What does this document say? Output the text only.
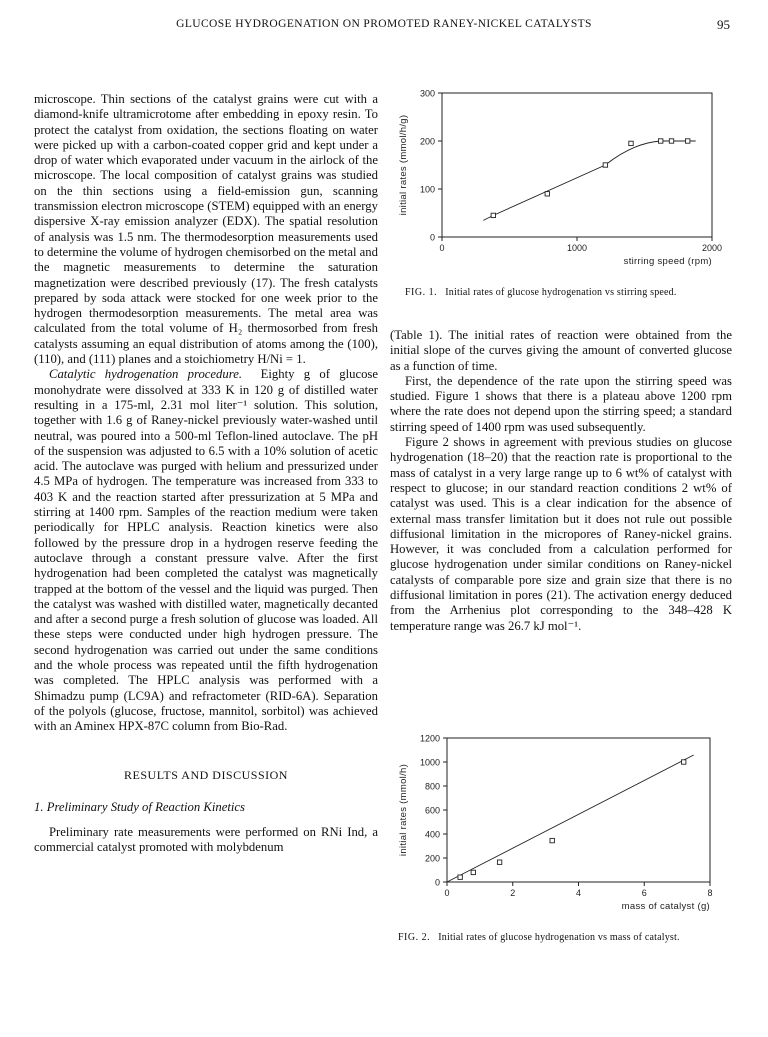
GLUCOSE HYDROGENATION ON PROMOTED RANEY-NICKEL CATALYSTS	95

microscope. Thin sections of the catalyst grains were cut with a diamond-knife ultramicrotome after embedding in epoxy resin. To protect the catalyst from oxidation, the sections floating on water were picked up with a carbon-coated copper grid and kept under a drop of water which evaporated under vacuum in the airlock of the microscope. The local composition of catalyst grains was studied on the thin sections using a field-emission gun, scanning transmission electron microscope (STEM) equipped with an energy dispersive X-ray emission analyzer (EDX). The spatial resolution of analysis was 1.5 nm. The thermodesorption measurements used to determine the volume of hydrogen chemisorbed on the metal and the magnetic measurements to determine the saturation magnetization were described previously (17). The fresh catalysts prepared by soda attack were stocked for one week prior to the hydrogen thermodesorption measurements. The metal area was calculated from the total volume of H₂ thermosorbed from fresh catalysts assuming an equal distribution of atoms among the (100), (110), and (111) planes and a stoichiometry H/Ni = 1.

Catalytic hydrogenation procedure. Eighty g of glucose monohydrate were dissolved at 333 K in 120 g of distilled water resulting in a 175-ml, 2.31 mol liter⁻¹ solution. This solution, together with 1.6 g of Raney-nickel previously water-washed until neutral, was poured into a 500-ml Teflon-lined autoclave. The pH of the suspension was adjusted to 6.5 with a 10% solution of acetic acid. The autoclave was purged with helium and pressurized under 4.5 MPa of hydrogen. The temperature was increased from 333 to 403 K and the reaction started after pressurization at 5 MPa and stirring at 1400 rpm. Samples of the reaction medium were taken periodically for HPLC analysis. Reaction kinetics were also followed by the pressure drop in a hydrogen reserve feeding the autoclave through a constant pressure valve. After the first hydrogenation had been completed the catalyst was magnetically trapped at the bottom of the vessel and the liquid was purged. Then the catalyst was washed with distilled water, magnetically decanted and after a second purge a fresh solution of glucose was loaded. All these steps were conducted under high hydrogen pressure. The second hydrogenation was carried out under the same conditions and the whole process was repeated until the fifth hydrogenation was completed. The HPLC analysis was performed with a Shimadzu pump (LC9A) and refractometer (RID-6A). Separation of the polyols (glucose, fructose, mannitol, sorbitol) was achieved with an Aminex HPX-87C column from Bio-Rad.

RESULTS AND DISCUSSION
1. Preliminary Study of Reaction Kinetics

Preliminary rate measurements were performed on RNi Ind, a commercial catalyst promoted with molybdenum

0
100
200
300
0	1000	2000
stirring speed (rpm)
initial rates (mmol/h/g)
FIG. 1. Initial rates of glucose hydrogenation vs stirring speed.

(Table 1). The initial rates of reaction were obtained from the initial slope of the curves giving the amount of converted glucose as a function of time.

First, the dependence of the rate upon the stirring speed was studied. Figure 1 shows that there is a plateau above 1200 rpm where the rate does not depend upon the stirring speed; a standard stirring speed of 1400 rpm was used subsequently.

Figure 2 shows in agreement with previous studies on glucose hydrogenation (18–20) that the reaction rate is proportional to the mass of catalyst in a very large range up to 6 wt% of catalyst with respect to glucose; in our standard reaction conditions 2 wt% of catalyst was used. This is a clear indication for the absence of external mass transfer limitation but it does not rule out possible diffusional limitation in the micropores of Raney-nickel grains. However, it was concluded from a calculation performed for glucose hydrogenation under similar conditions on Raney-nickel catalysts of comparable pore size and grain size that there is no diffusional limitation in pores (21). The activation energy deduced from the Arrhenius plot corresponding to the 348–428 K temperature range was 26.7 kJ mol⁻¹.

0
200
400
600
800
1000
1200
0	2	4	6	8
mass of catalyst (g)
initial rates (mmol/h)
FIG. 2. Initial rates of glucose hydrogenation vs mass of catalyst.
